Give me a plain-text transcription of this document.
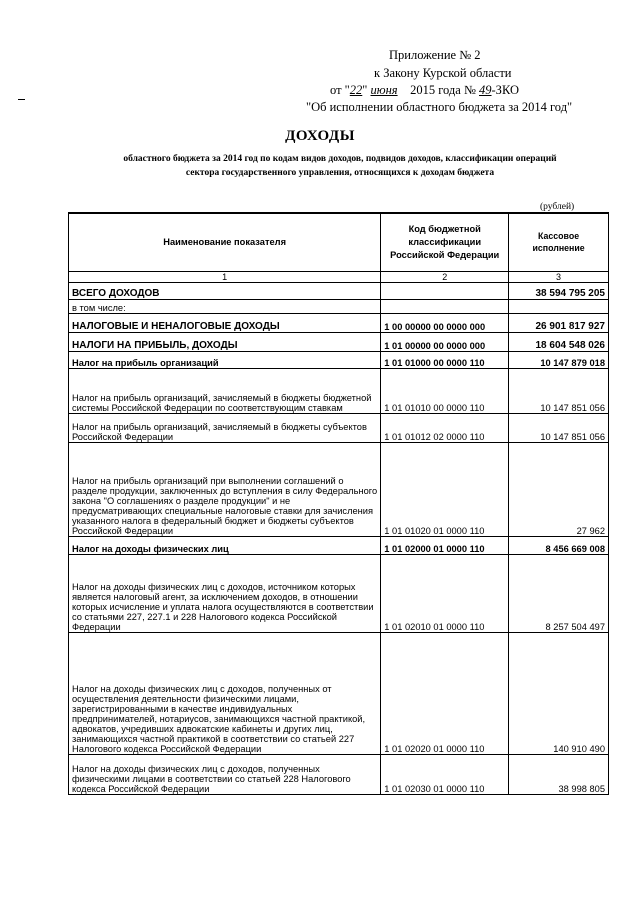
Приложение № 2
к Закону Курской области
от "22" июня 2015 года № 49-ЗКО
"Об исполнении областного бюджета за 2014 год"
ДОХОДЫ
областного бюджета за 2014 год по кодам видов доходов, подвидов доходов, классификации операций
сектора государственного управления, относящихся к доходам бюджета
(рублей)
Наименование показателя	Код бюджетной классификации Российской Федерации	Кассовое исполнение
1	2	3
ВСЕГО ДОХОДОВ		38 594 795 205
в том числе:		
НАЛОГОВЫЕ И НЕНАЛОГОВЫЕ ДОХОДЫ	1 00 00000 00 0000 000	26 901 817 927
НАЛОГИ НА ПРИБЫЛЬ, ДОХОДЫ	1 01 00000 00 0000 000	18 604 548 026
Налог на прибыль организаций	1 01 01000 00 0000 110	10 147 879 018
Налог на прибыль организаций, зачисляемый в бюджеты бюджетной системы Российской Федерации по соответствующим ставкам	1 01 01010 00 0000 110	10 147 851 056
Налог на прибыль организаций, зачисляемый в бюджеты субъектов Российской Федерации	1 01 01012 02 0000 110	10 147 851 056
Налог на прибыль организаций при выполнении соглашений о разделе продукции, заключенных до вступления в силу Федерального закона "О соглашениях о разделе продукции" и не предусматривающих специальные налоговые ставки для зачисления указанного налога в федеральный бюджет и бюджеты субъектов Российской Федерации	1 01 01020 01 0000 110	27 962
Налог на доходы физических лиц	1 01 02000 01 0000 110	8 456 669 008
Налог на доходы физических лиц с доходов, источником которых является налоговый агент, за исключением доходов, в отношении которых исчисление и уплата налога осуществляются в соответствии со статьями 227, 227.1 и 228 Налогового кодекса Российской Федерации	1 01 02010 01 0000 110	8 257 504 497
Налог на доходы физических лиц с доходов, полученных от осуществления деятельности физическими лицами, зарегистрированными в качестве индивидуальных предпринимателей, нотариусов, занимающихся частной практикой, адвокатов, учредивших адвокатские кабинеты и других лиц, занимающихся частной практикой в соответствии со статьей 227 Налогового кодекса Российской Федерации	1 01 02020 01 0000 110	140 910 490
Налог на доходы физических лиц с доходов, полученных физическими лицами в соответствии со статьей 228 Налогового кодекса Российской Федерации	1 01 02030 01 0000 110	38 998 805
